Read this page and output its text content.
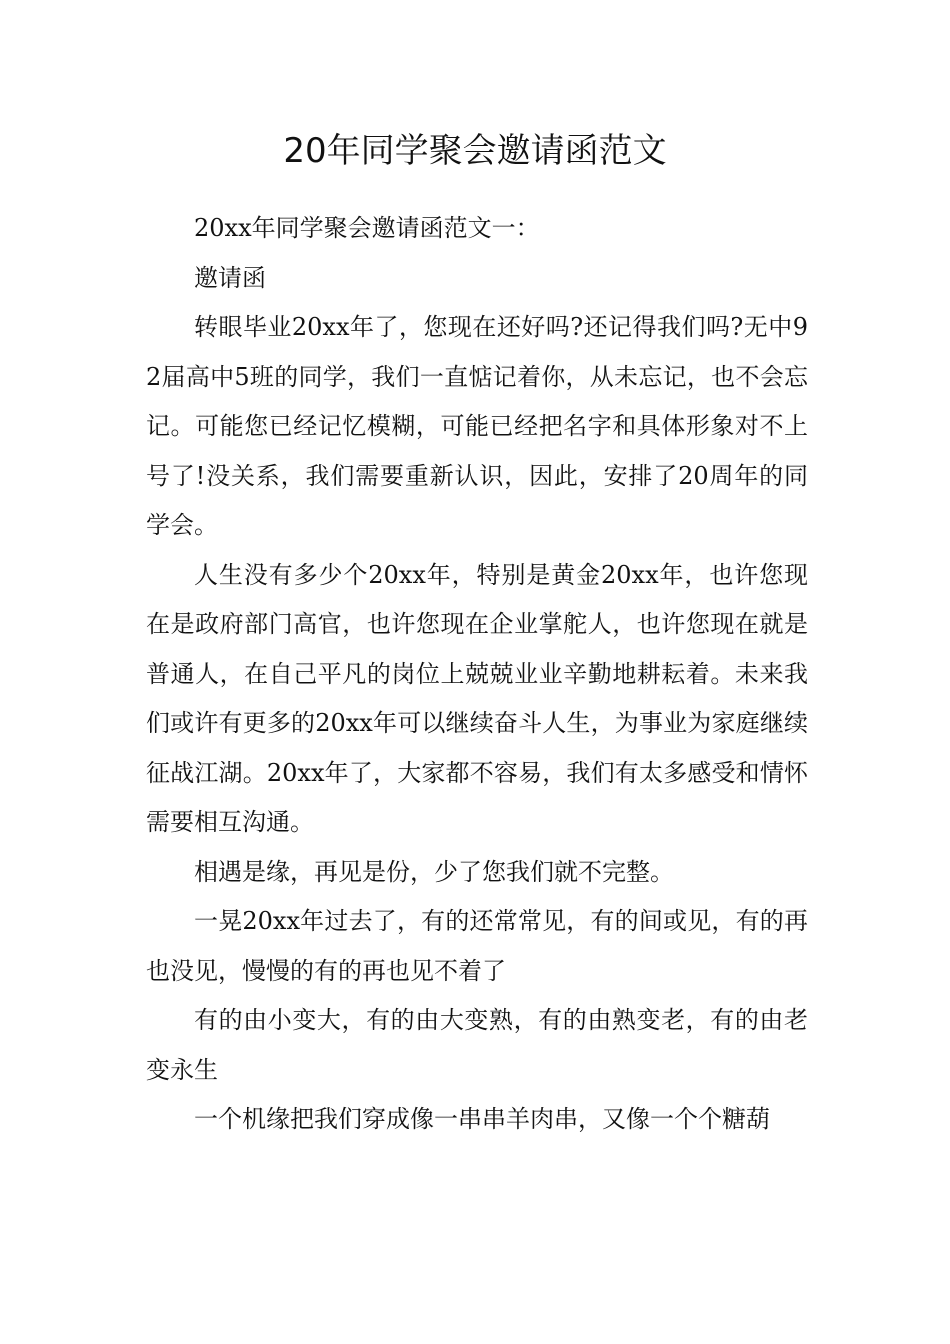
20年同学聚会邀请函范文

20xx年同学聚会邀请函范文一：

邀请函

转眼毕业20xx年了，您现在还好吗?还记得我们吗?无中92届高中5班的同学，我们一直惦记着你，从未忘记，也不会忘记。可能您已经记忆模糊，可能已经把名字和具体形象对不上号了!没关系，我们需要重新认识，因此，安排了20周年的同学会。

人生没有多少个20xx年，特别是黄金20xx年，也许您现在是政府部门高官，也许您现在企业掌舵人，也许您现在就是普通人，在自己平凡的岗位上兢兢业业辛勤地耕耘着。未来我们或许有更多的20xx年可以继续奋斗人生，为事业为家庭继续征战江湖。20xx年了，大家都不容易，我们有太多感受和情怀需要相互沟通。

相遇是缘，再见是份，少了您我们就不完整。

一晃20xx年过去了，有的还常常见，有的间或见，有的再也没见，慢慢的有的再也见不着了

有的由小变大，有的由大变熟，有的由熟变老，有的由老变永生

一个机缘把我们穿成像一串串羊肉串，又像一个个糖葫
